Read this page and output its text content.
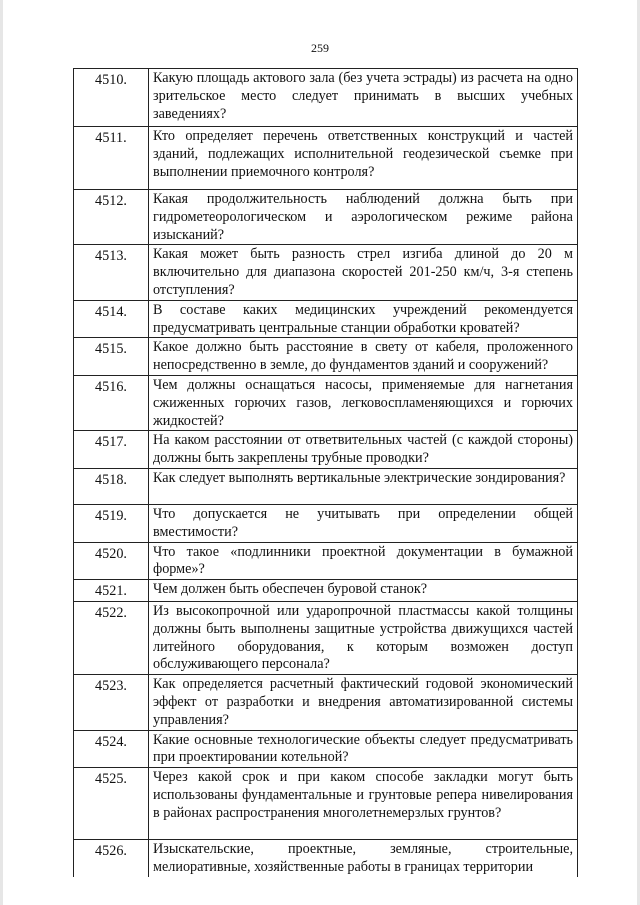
259
4510.	Какую площадь актового зала (без учета эстрады) из расчета на одно зрительское место следует принимать в высших учебных заведениях?
4511.	Кто определяет перечень ответственных конструкций и частей зданий, подлежащих исполнительной геодезической съемке при выполнении приемочного контроля?
4512.	Какая продолжительность наблюдений должна быть при гидрометеорологическом и аэрологическом режиме района изысканий?
4513.	Какая может быть разность стрел изгиба длиной до 20 м включительно для диапазона скоростей 201-250 км/ч, 3-я степень отступления?
4514.	В составе каких медицинских учреждений рекомендуется предусматривать центральные станции обработки кроватей?
4515.	Какое должно быть расстояние в свету от кабеля, проложенного непосредственно в земле, до фундаментов зданий и сооружений?
4516.	Чем должны оснащаться насосы, применяемые для нагнетания сжиженных горючих газов, легковоспламеняющихся и горючих жидкостей?
4517.	На каком расстоянии от ответвительных частей (с каждой стороны) должны быть закреплены трубные проводки?
4518.	Как следует выполнять вертикальные электрические зондирования?
4519.	Что допускается не учитывать при определении общей вместимости?
4520.	Что такое «подлинники проектной документации в бумажной форме»?
4521.	Чем должен быть обеспечен буровой станок?
4522.	Из высокопрочной или ударопрочной пластмассы какой толщины должны быть выполнены защитные устройства движущихся частей литейного оборудования, к которым возможен доступ обслуживающего персонала?
4523.	Как определяется расчетный фактический годовой экономический эффект от разработки и внедрения автоматизированной системы управления?
4524.	Какие основные технологические объекты следует предусматривать при проектировании котельной?
4525.	Через какой срок и при каком способе закладки могут быть использованы фундаментальные и грунтовые репера нивелирования в районах распространения многолетнемерзлых грунтов?
4526.	Изыскательские, проектные, земляные, строительные, мелиоративные, хозяйственные работы в границах территории
